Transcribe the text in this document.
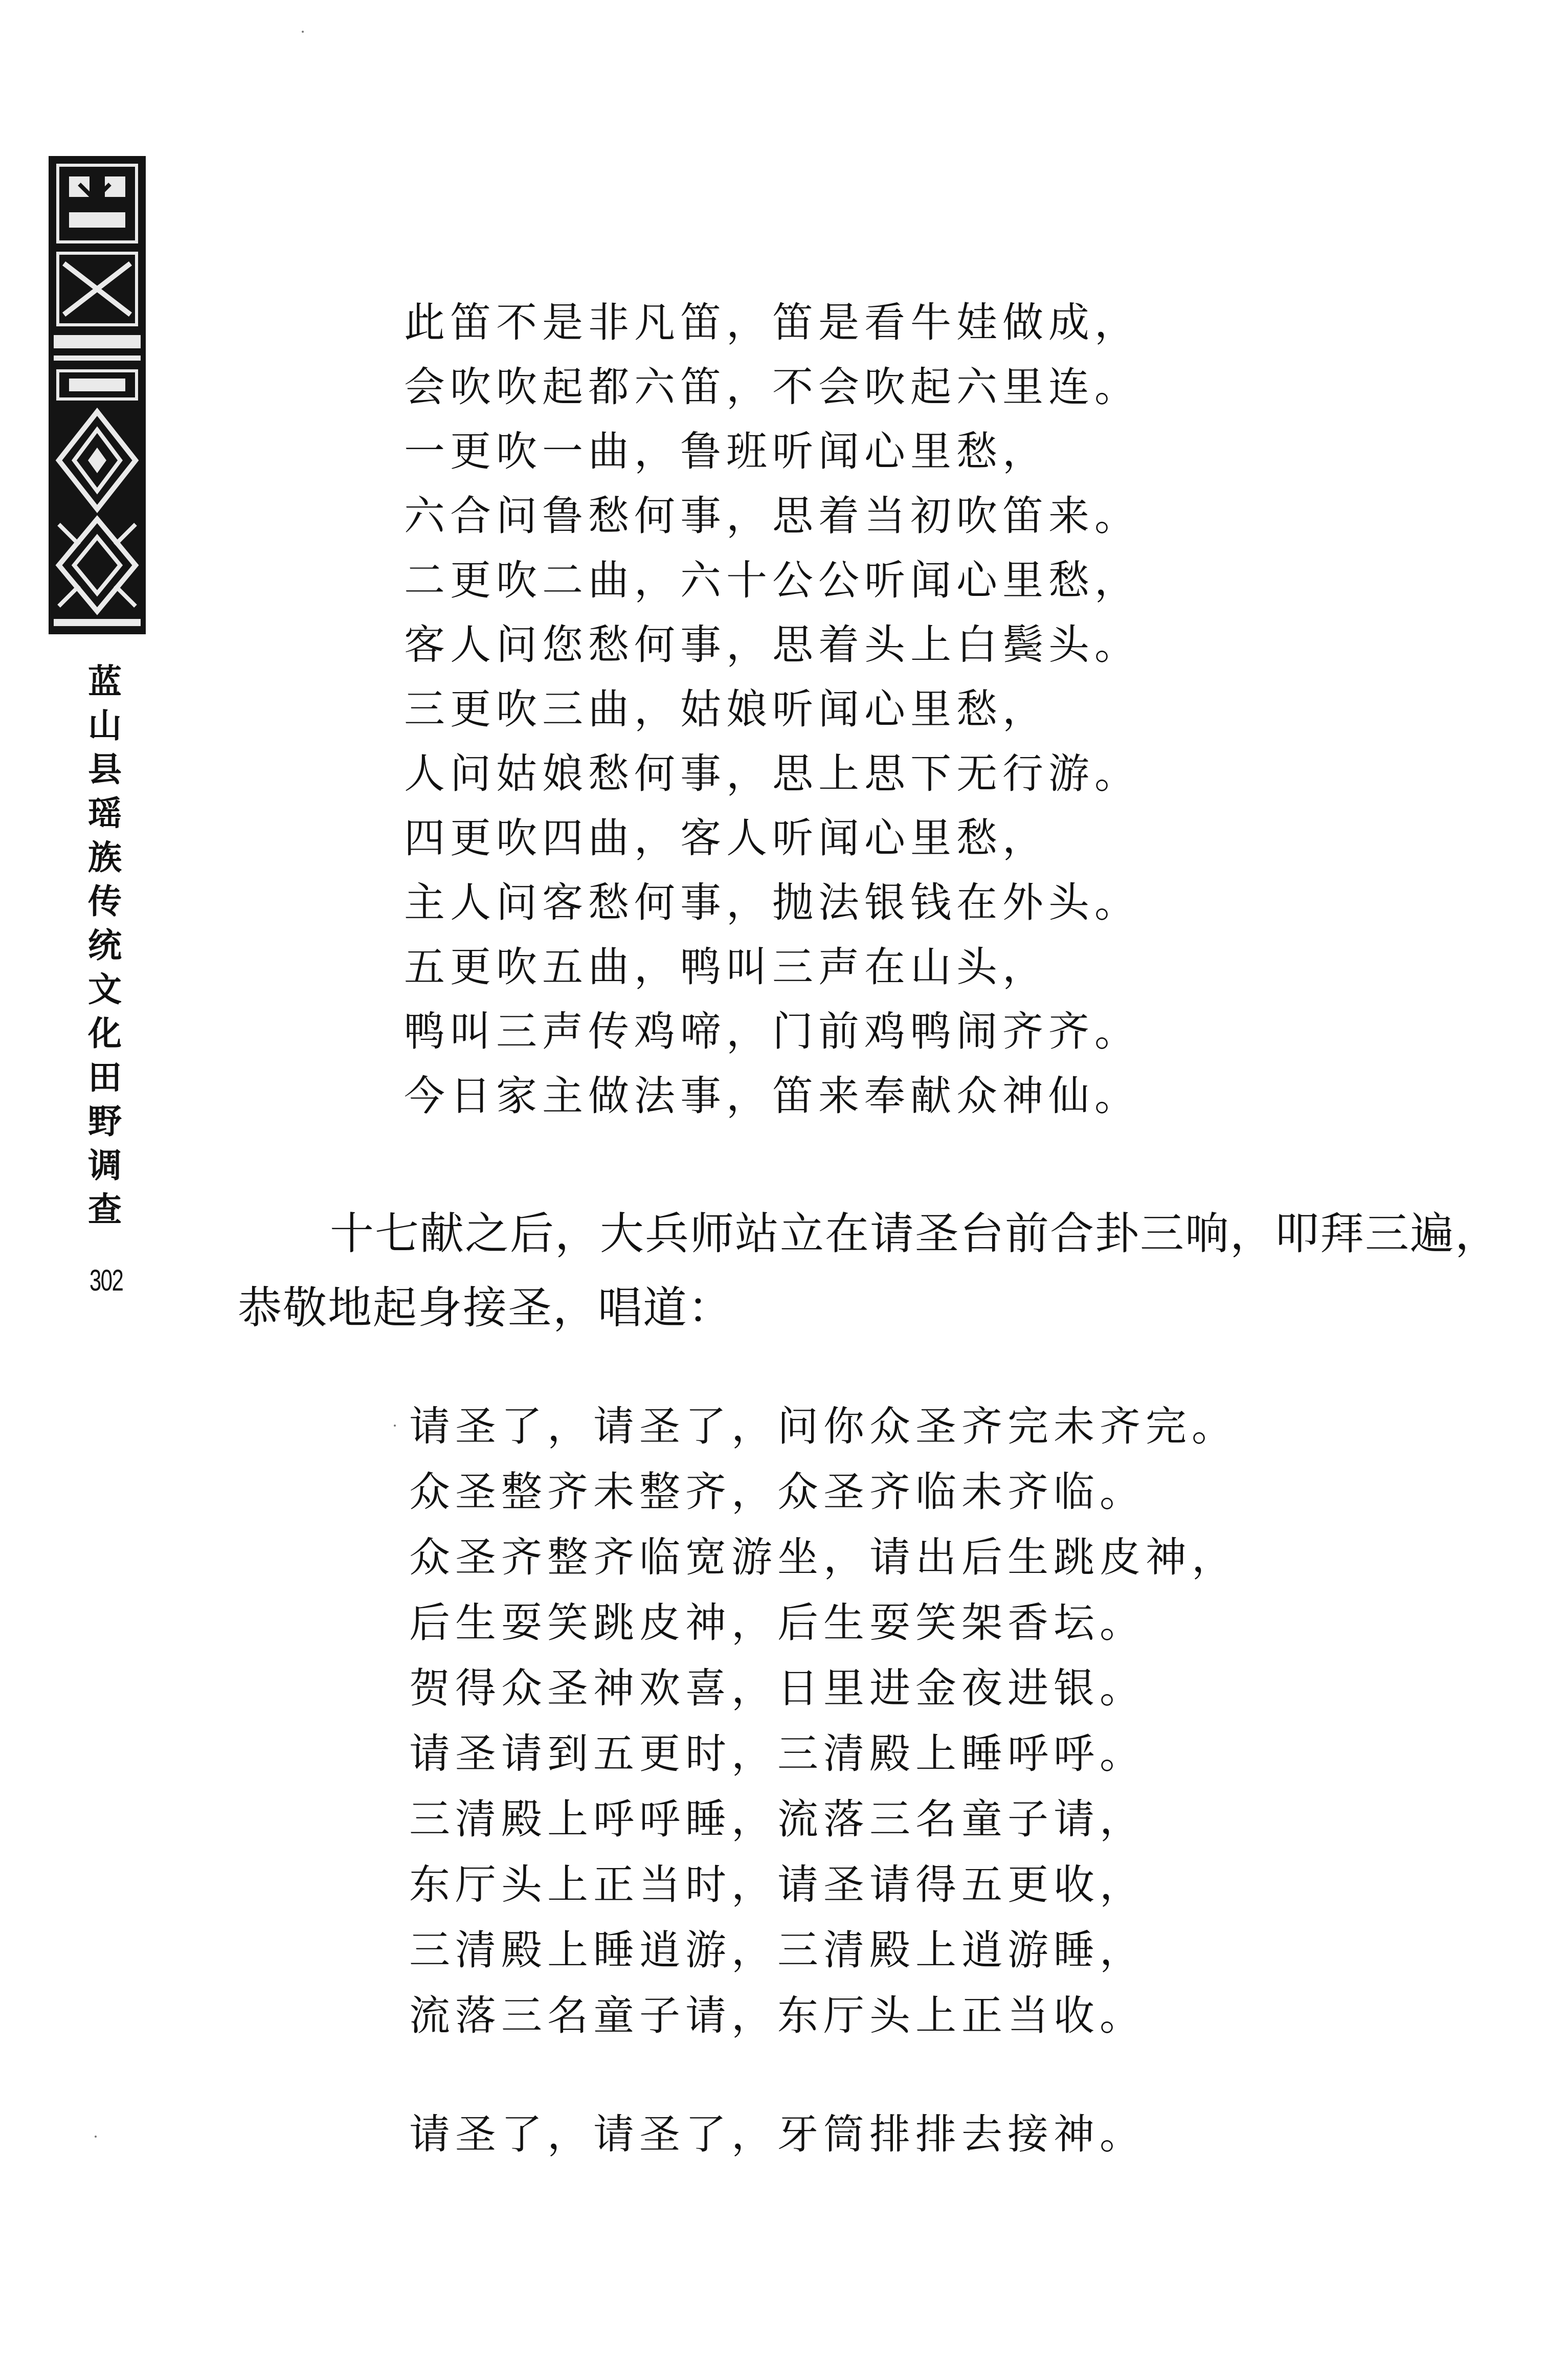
蓝
山
县
瑶
族
传
统
文
化
田
野
调
查
302
此笛不是非凡笛，笛是看牛娃做成，
会吹吹起都六笛，不会吹起六里连。
一更吹一曲，鲁班听闻心里愁，
六合问鲁愁何事，思着当初吹笛来。
二更吹二曲，六十公公听闻心里愁，
客人问您愁何事，思着头上白鬓头。
三更吹三曲，姑娘听闻心里愁，
人问姑娘愁何事，思上思下无行游。
四更吹四曲，客人听闻心里愁，
主人问客愁何事，抛法银钱在外头。
五更吹五曲，鸭叫三声在山头，
鸭叫三声传鸡啼，门前鸡鸭闹齐齐。
今日家主做法事，笛来奉献众神仙。
十七献之后，大兵师站立在请圣台前合卦三响，叩拜三遍，
恭敬地起身接圣，唱道：
请圣了，请圣了，问你众圣齐完未齐完。
众圣整齐未整齐，众圣齐临未齐临。
众圣齐整齐临宽游坐，请出后生跳皮神，
后生耍笑跳皮神，后生耍笑架香坛。
贺得众圣神欢喜，日里进金夜进银。
请圣请到五更时，三清殿上睡呼呼。
三清殿上呼呼睡，流落三名童子请，
东厅头上正当时，请圣请得五更收，
三清殿上睡逍游，三清殿上逍游睡，
流落三名童子请，东厅头上正当收。
请圣了，请圣了，牙筒排排去接神。
